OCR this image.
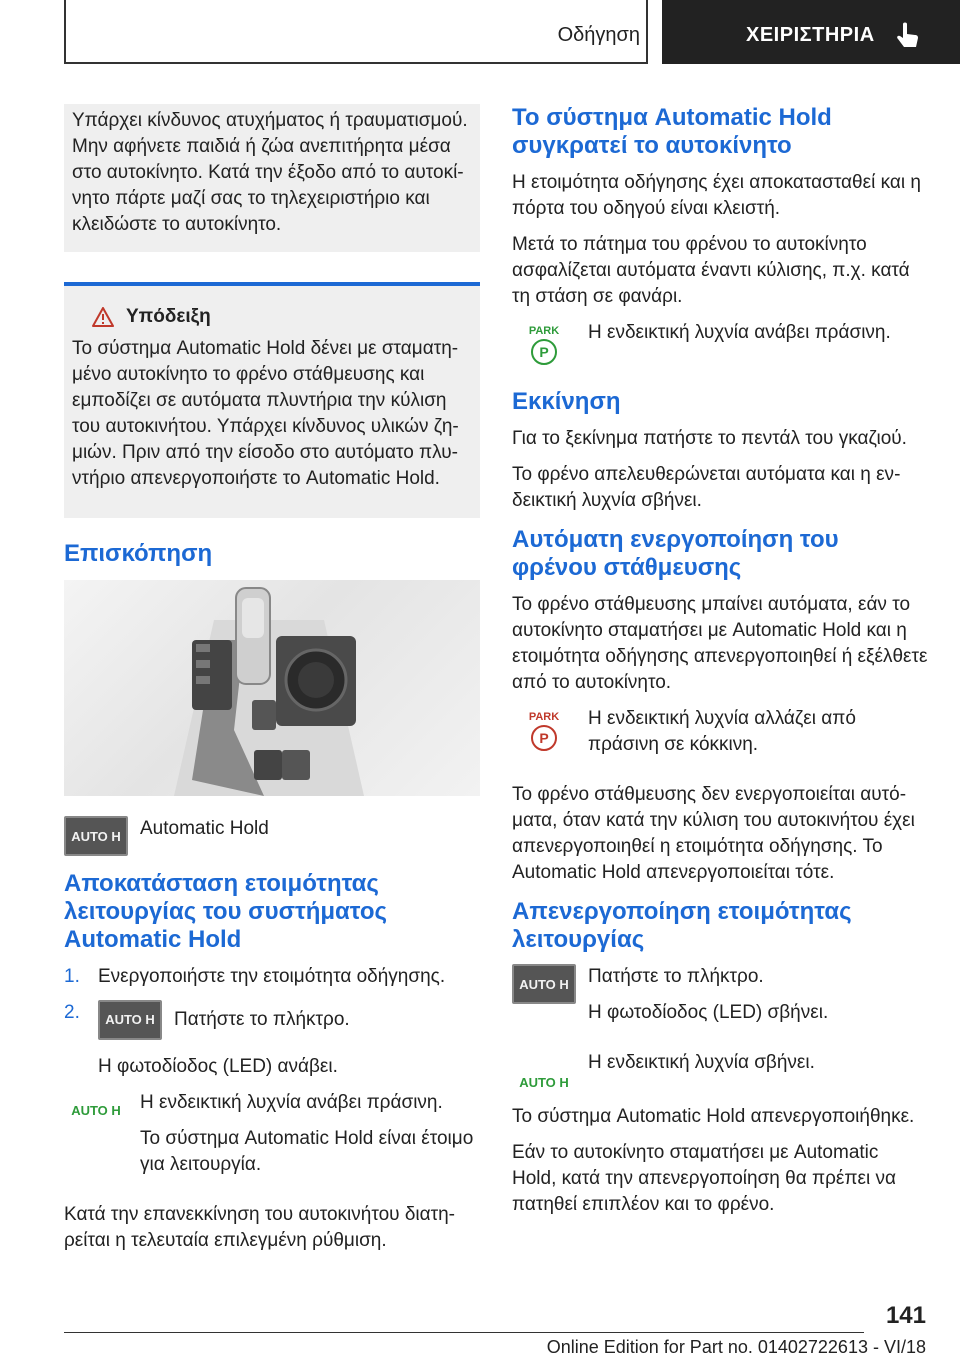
Οδήγηση	ΧΕΙΡΙΣΤΗΡΙΑ

Υπάρχει κίνδυνος ατυχήματος ή τραυματισμού. Μην αφήνετε παιδιά ή ζώα ανεπιτήρητα μέσα στο αυτοκίνητο. Κατά την έξοδο από το αυτοκίνητο πάρτε μαζί σας το τηλεχειριστήριο και κλειδώστε το αυτοκίνητο.

Υπόδειξη

Το σύστημα Automatic Hold δένει με σταματημένο αυτοκίνητο το φρένο στάθμευσης και εμποδίζει σε αυτόματα πλυντήρια την κύλιση του αυτοκινήτου. Υπάρχει κίνδυνος υλικών ζημιών. Πριν από την είσοδο στο αυτόματο πλυντήριο απενεργοποιήστε το Automatic Hold.

Επισκόπηση
AUTO H	Automatic Hold

Αποκατάσταση ετοιμότητας λειτουργίας του συστήματος Automatic Hold
1. Ενεργοποιήστε την ετοιμότητα οδήγησης.
2.	AUTO H	Πατήστε το πλήκτρο.
Η φωτοδίοδος (LED) ανάβει.
AUTO H	Η ενδεικτική λυχνία ανάβει πράσινη.

Το σύστημα Automatic Hold είναι έτοιμο για λειτουργία.

Κατά την επανεκκίνηση του αυτοκινήτου διατηρείται η τελευταία επιλεγμένη ρύθμιση.

Το σύστημα Automatic Hold συγκρατεί το αυτοκίνητο

Η ετοιμότητα οδήγησης έχει αποκατασταθεί και η πόρτα του οδηγού είναι κλειστή.

Μετά το πάτημα του φρένου το αυτοκίνητο ασφαλίζεται αυτόματα έναντι κύλισης, π.χ. κατά τη στάση σε φανάρι.

PARK
P

Η ενδεικτική λυχνία ανάβει πράσινη.

Εκκίνηση

Για το ξεκίνημα πατήστε το πεντάλ του γκαζιού.

Το φρένο απελευθερώνεται αυτόματα και η ενδεικτική λυχνία σβήνει.

Αυτόματη ενεργοποίηση του φρένου στάθμευσης

Το φρένο στάθμευσης μπαίνει αυτόματα, εάν το αυτοκίνητο σταματήσει με Automatic Hold και η ετοιμότητα οδήγησης απενεργοποιηθεί ή εξέλθετε από το αυτοκίνητο.

PARK
P

Η ενδεικτική λυχνία αλλάζει από πράσινη σε κόκκινη.

Το φρένο στάθμευσης δεν ενεργοποιείται αυτόματα, όταν κατά την κύλιση του αυτοκινήτου έχει απενεργοποιηθεί η ετοιμότητα οδήγησης. Το Automatic Hold απενεργοποιείται τότε.

Απενεργοποίηση ετοιμότητας λειτουργίας
AUTO H	Πατήστε το πλήκτρο.

Η φωτοδίοδος (LED) σβήνει.

AUTO H

Η ενδεικτική λυχνία σβήνει.

Το σύστημα Automatic Hold απενεργοποιήθηκε.

Εάν το αυτοκίνητο σταματήσει με Automatic Hold, κατά την απενεργοποίηση θα πρέπει να πατηθεί επιπλέον και το φρένο.

141
Online Edition for Part no. 01402722613 - VI/18
